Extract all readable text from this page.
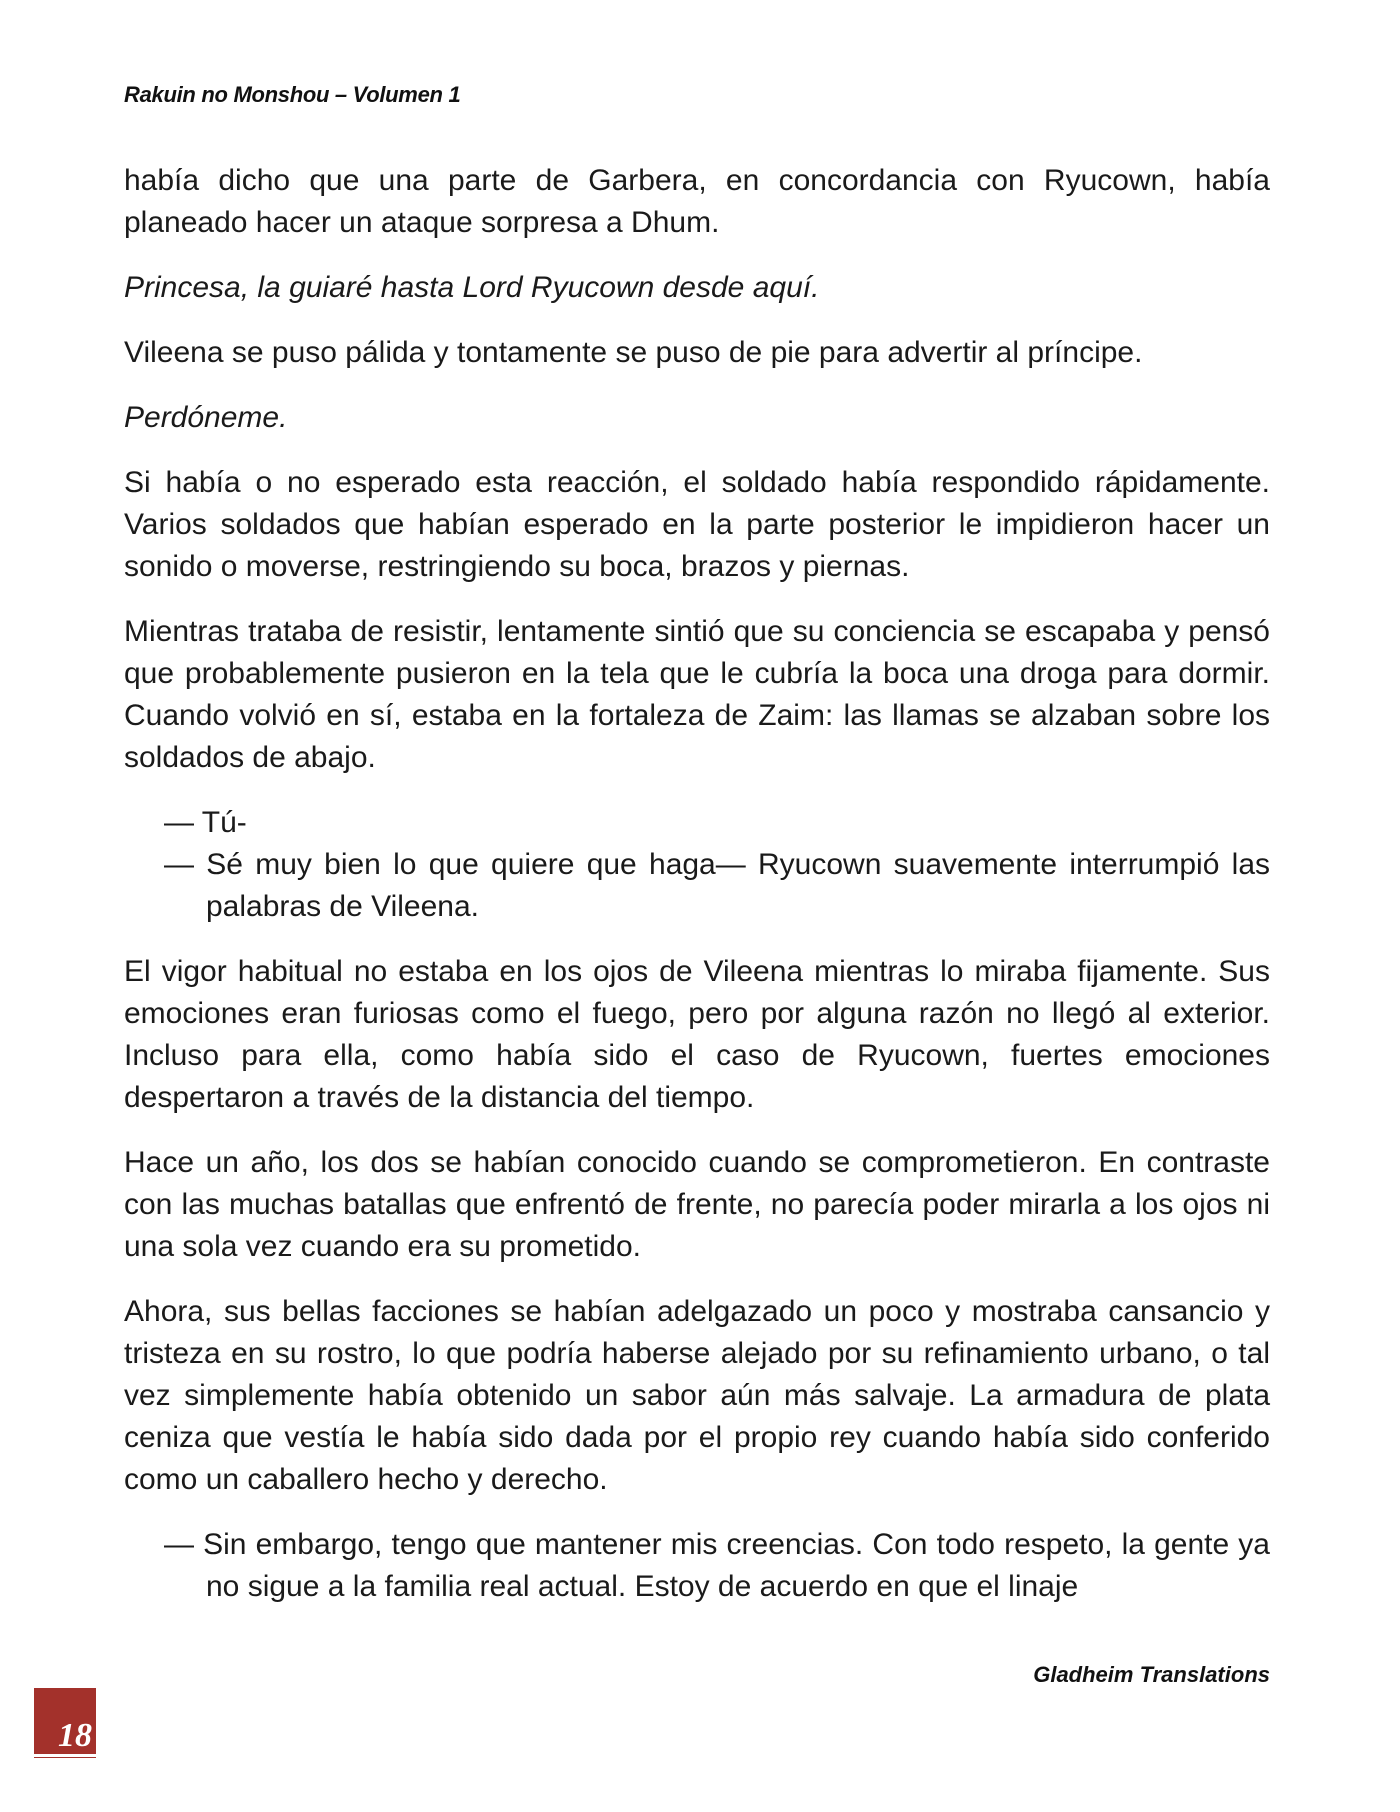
Rakuin no Monshou – Volumen 1

había dicho que una parte de Garbera, en concordancia con Ryucown, había planeado hacer un ataque sorpresa a Dhum.

Princesa, la guiaré hasta Lord Ryucown desde aquí.

Vileena se puso pálida y tontamente se puso de pie para advertir al príncipe.

Perdóneme.

Si había o no esperado esta reacción, el soldado había respondido rápidamente. Varios soldados que habían esperado en la parte posterior le impidieron hacer un sonido o moverse, restringiendo su boca, brazos y piernas.

Mientras trataba de resistir, lentamente sintió que su conciencia se escapaba y pensó que probablemente pusieron en la tela que le cubría la boca una droga para dormir. Cuando volvió en sí, estaba en la fortaleza de Zaim: las llamas se alzaban sobre los soldados de abajo.

— Tú-

— Sé muy bien lo que quiere que haga— Ryucown suavemente interrumpió las palabras de Vileena.

El vigor habitual no estaba en los ojos de Vileena mientras lo miraba fijamente. Sus emociones eran furiosas como el fuego, pero por alguna razón no llegó al exterior. Incluso para ella, como había sido el caso de Ryucown, fuertes emociones despertaron a través de la distancia del tiempo.

Hace un año, los dos se habían conocido cuando se comprometieron. En contraste con las muchas batallas que enfrentó de frente, no parecía poder mirarla a los ojos ni una sola vez cuando era su prometido.

Ahora, sus bellas facciones se habían adelgazado un poco y mostraba cansancio y tristeza en su rostro, lo que podría haberse alejado por su refinamiento urbano, o tal vez simplemente había obtenido un sabor aún más salvaje. La armadura de plata ceniza que vestía le había sido dada por el propio rey cuando había sido conferido como un caballero hecho y derecho.

— Sin embargo, tengo que mantener mis creencias. Con todo respeto, la gente ya no sigue a la familia real actual. Estoy de acuerdo en que el linaje

Gladheim Translations
18
